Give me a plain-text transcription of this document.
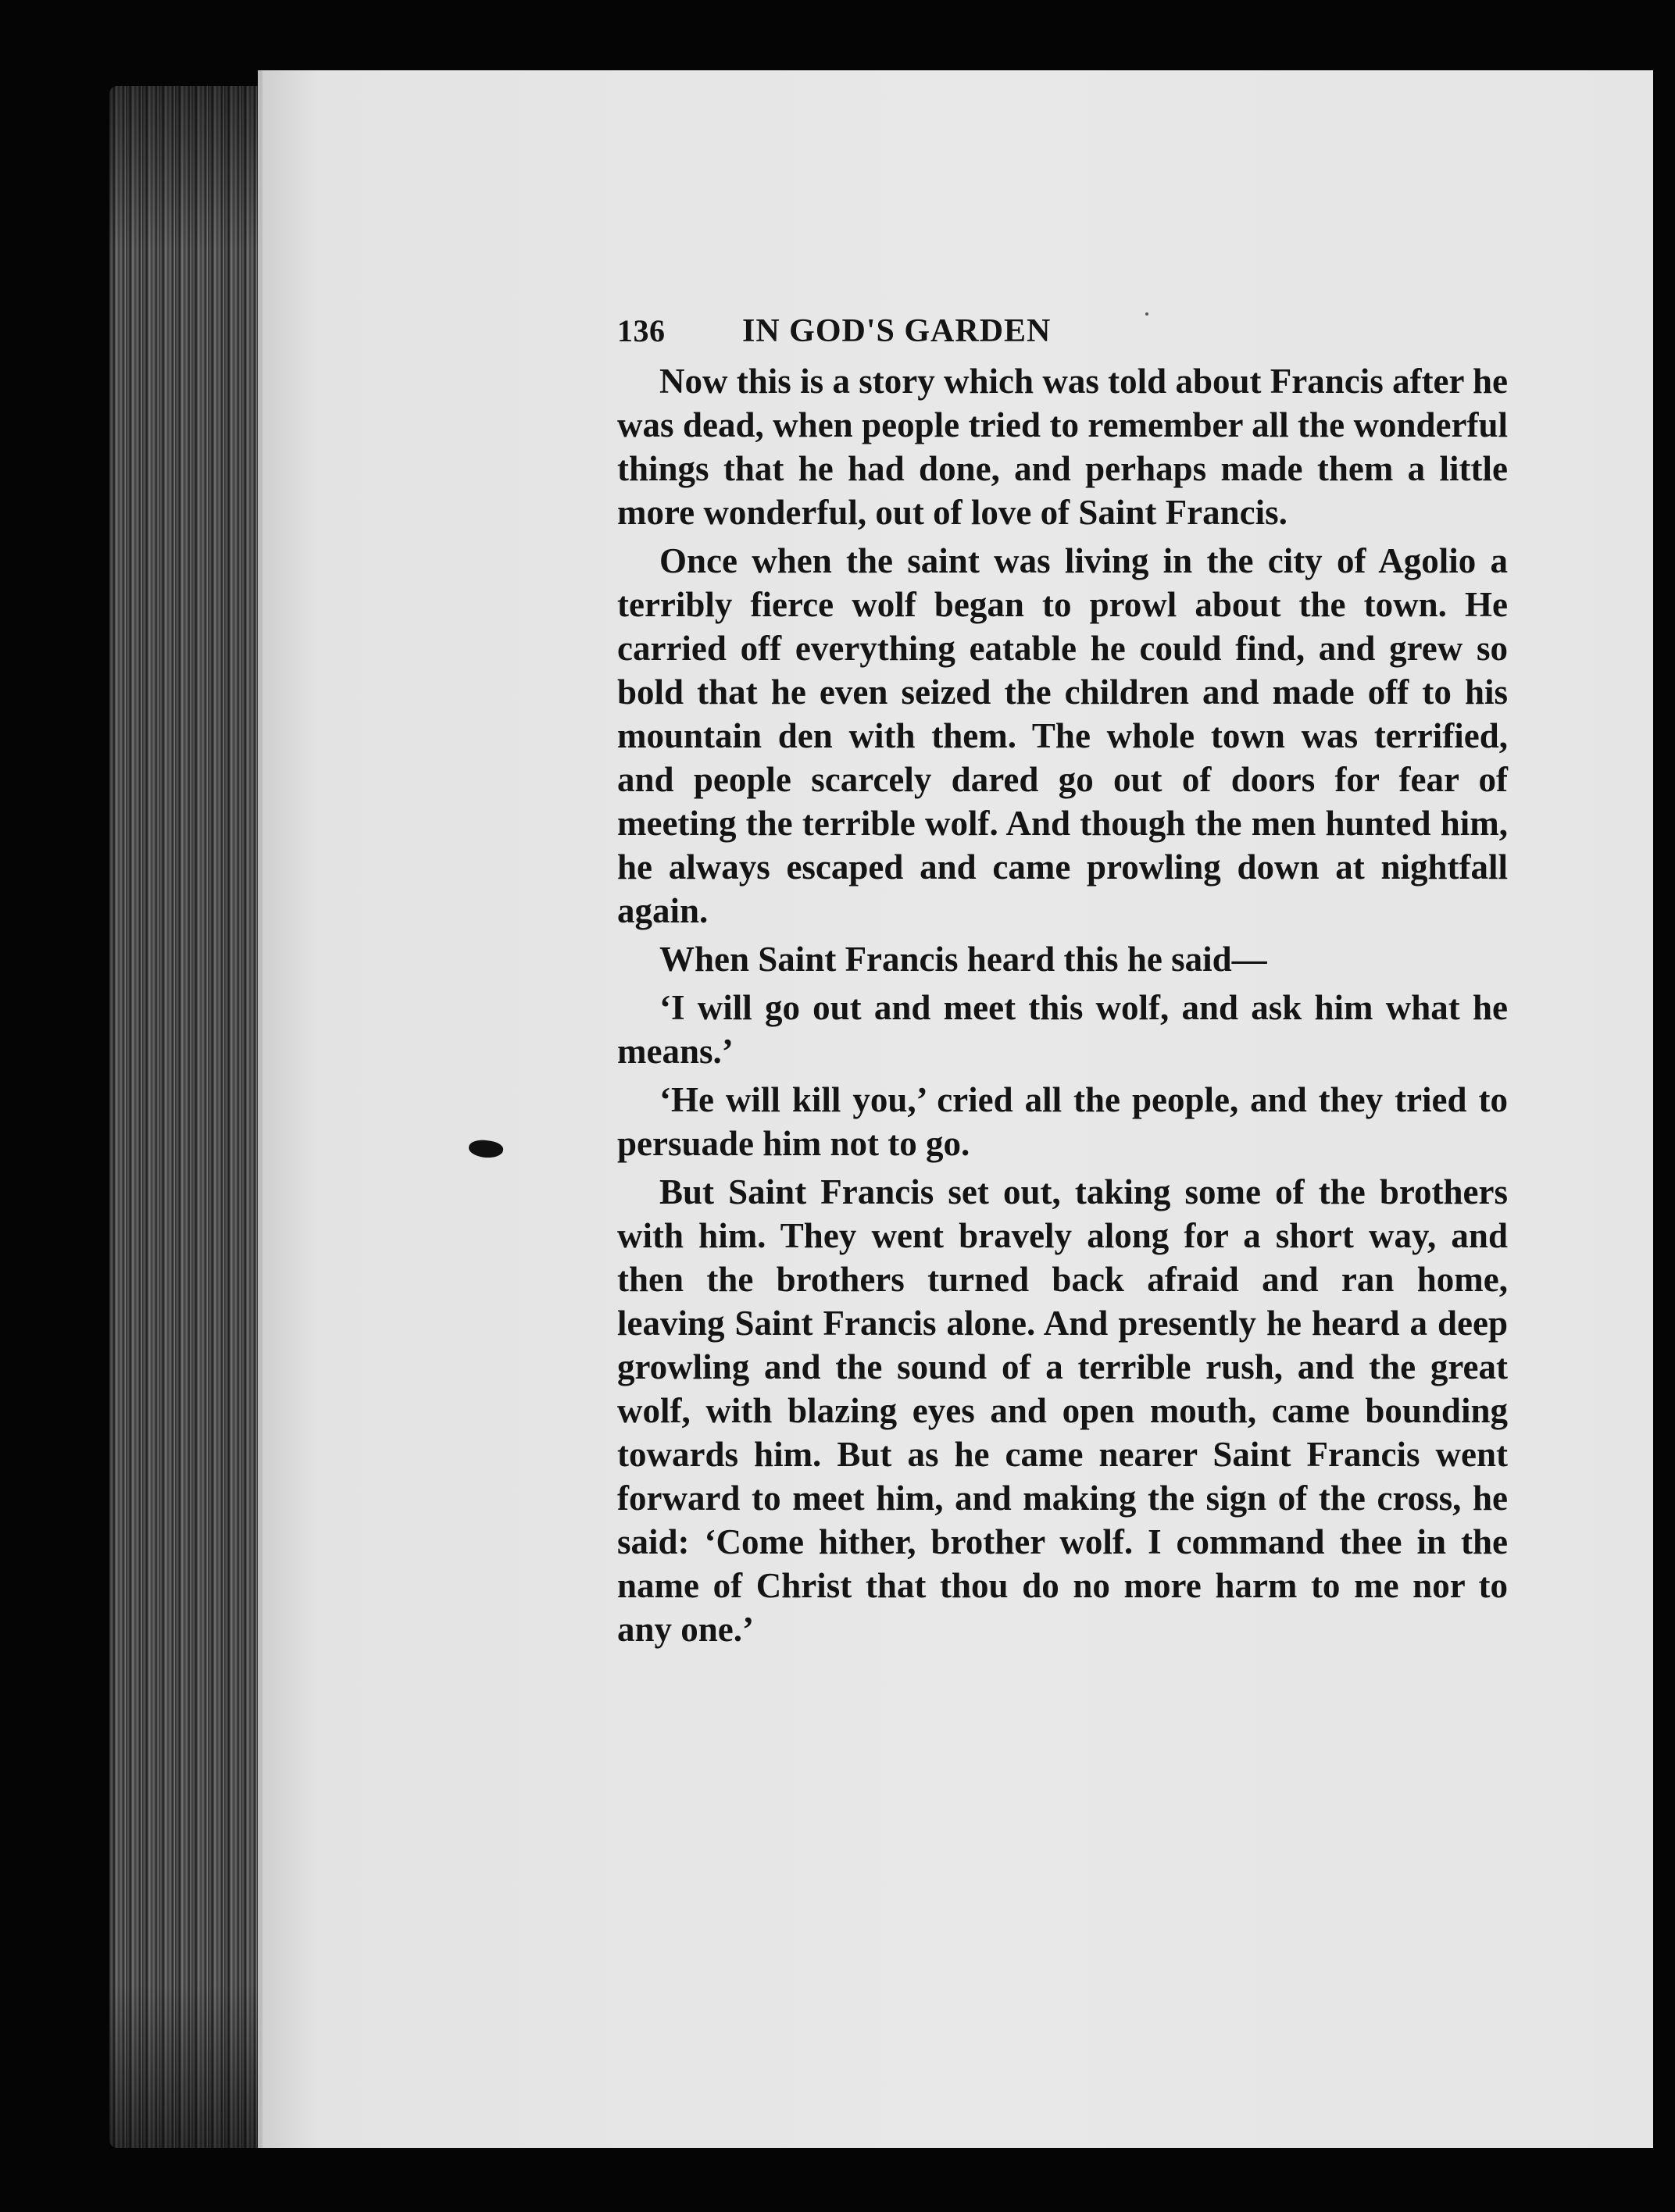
136	IN GOD'S GARDEN

Now this is a story which was told about Francis after he was dead, when people tried to remember all the wonderful things that he had done, and perhaps made them a little more wonderful, out of love of Saint Francis.

Once when the saint was living in the city of Agolio a terribly fierce wolf began to prowl about the town. He carried off everything eatable he could find, and grew so bold that he even seized the children and made off to his mountain den with them. The whole town was terrified, and people scarcely dared go out of doors for fear of meeting the terrible wolf. And though the men hunted him, he always escaped and came prowling down at nightfall again.

When Saint Francis heard this he said—

‘I will go out and meet this wolf, and ask him what he means.’

‘He will kill you,’ cried all the people, and they tried to persuade him not to go.

But Saint Francis set out, taking some of the brothers with him. They went bravely along for a short way, and then the brothers turned back afraid and ran home, leaving Saint Francis alone. And presently he heard a deep growling and the sound of a terrible rush, and the great wolf, with blazing eyes and open mouth, came bounding towards him. But as he came nearer Saint Francis went forward to meet him, and making the sign of the cross, he said: ‘Come hither, brother wolf. I command thee in the name of Christ that thou do no more harm to me nor to any one.’
